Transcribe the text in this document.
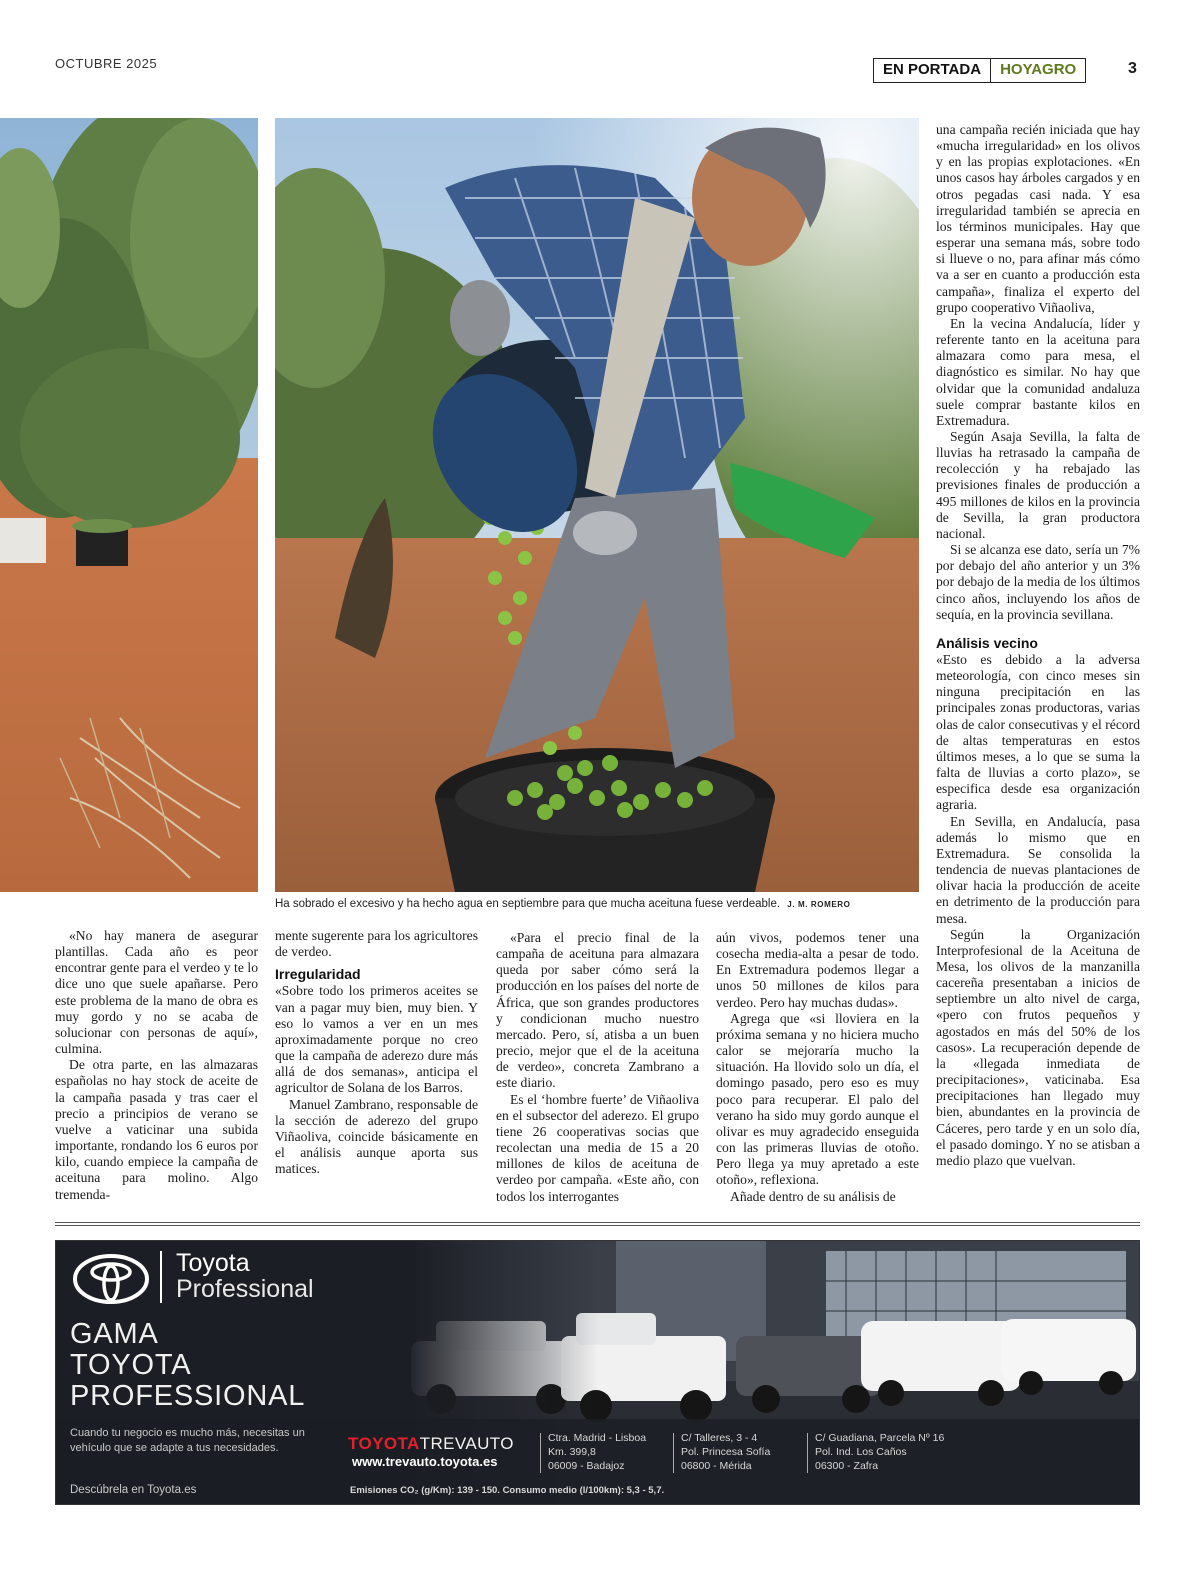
OCTUBRE 2025	EN PORTADA	HOYAGRO	3
Ha sobrado el excesivo y ha hecho agua en septiembre para que mucha aceituna fuese verdeable. J. M. ROMERO

«No hay manera de asegurar plantillas. Cada año es peor encontrar gente para el verdeo y te lo dice uno que suele apañarse. Pero este problema de la mano de obra es muy gordo y no se acaba de solucionar con personas de aquí», culmina.

De otra parte, en las almazaras españolas no hay stock de aceite de la campaña pasada y tras caer el precio a principios de verano se vuelve a vaticinar una subida importante, rondando los 6 euros por kilo, cuando empiece la campaña de aceituna para molino. Algo tremenda-

mente sugerente para los agricultores de verdeo.

Irregularidad

«Sobre todo los primeros aceites se van a pagar muy bien, muy bien. Y eso lo vamos a ver en un mes aproximadamente porque no creo que la campaña de aderezo dure más allá de dos semanas», anticipa el agricultor de Solana de los Barros.

Manuel Zambrano, responsable de la sección de aderezo del grupo Viñaoliva, coincide básicamente en el análisis aunque aporta sus matices.

«Para el precio final de la campaña de aceituna para almazara queda por saber cómo será la producción en los países del norte de África, que son grandes productores y condicionan mucho nuestro mercado. Pero, sí, atisba a un buen precio, mejor que el de la aceituna de verdeo», concreta Zambrano a este diario.

Es el ‘hombre fuerte’ de Viñaoliva en el subsector del aderezo. El grupo tiene 26 cooperativas socias que recolectan una media de 15 a 20 millones de kilos de aceituna de verdeo por campaña. «Este año, con todos los interrogantes

aún vivos, podemos tener una cosecha media-alta a pesar de todo. En Extremadura podemos llegar a unos 50 millones de kilos para verdeo. Pero hay muchas dudas».

Agrega que «si lloviera en la próxima semana y no hiciera mucho calor se mejoraría mucho la situación. Ha llovido solo un día, el domingo pasado, pero eso es muy poco para recuperar. El palo del verano ha sido muy gordo aunque el olivar es muy agradecido enseguida con las primeras lluvias de otoño. Pero llega ya muy apretado a este otoño», reflexiona.

Añade dentro de su análisis de

una campaña recién iniciada que hay «mucha irregularidad» en los olivos y en las propias explotaciones. «En unos casos hay árboles cargados y en otros pegadas casi nada. Y esa irregularidad también se aprecia en los términos municipales. Hay que esperar una semana más, sobre todo si llueve o no, para afinar más cómo va a ser en cuanto a producción esta campaña», finaliza el experto del grupo cooperativo Viñaoliva,

En la vecina Andalucía, líder y referente tanto en la aceituna para almazara como para mesa, el diagnóstico es similar. No hay que olvidar que la comunidad andaluza suele comprar bastante kilos en Extremadura.

Según Asaja Sevilla, la falta de lluvias ha retrasado la campaña de recolección y ha rebajado las previsiones finales de producción a 495 millones de kilos en la provincia de Sevilla, la gran productora nacional.

Si se alcanza ese dato, sería un 7% por debajo del año anterior y un 3% por debajo de la media de los últimos cinco años, incluyendo los años de sequía, en la provincia sevillana.

Análisis vecino

«Esto es debido a la adversa meteorología, con cinco meses sin ninguna precipitación en las principales zonas productoras, varias olas de calor consecutivas y el récord de altas temperaturas en estos últimos meses, a lo que se suma la falta de lluvias a corto plazo», se especifica desde esa organización agraria.

En Sevilla, en Andalucía, pasa además lo mismo que en Extremadura. Se consolida la tendencia de nuevas plantaciones de olivar hacia la producción de aceite en detrimento de la producción para mesa.

Según la Organización Interprofesional de la Aceituna de Mesa, los olivos de la manzanilla cacereña presentaban a inicios de septiembre un alto nivel de carga, «pero con frutos pequeños y agostados en más del 50% de los casos». La recuperación depende de la «llegada inmediata de precipitaciones», vaticinaba. Esa precipitaciones han llegado muy bien, abundantes en la provincia de Cáceres, pero tarde y en un solo día, el pasado domingo. Y no se atisban a medio plazo que vuelvan.

Toyota
Professional
GAMA
TOYOTA
PROFESSIONAL
Cuando tu negocio es mucho más, necesitas un vehículo que se adapte a tus necesidades.
Descúbrela en Toyota.es
TOYOTATREVAUTO
www.trevauto.toyota.es
Ctra. Madrid - Lisboa
Km. 399,8
06009 - Badajoz
C/ Talleres, 3 - 4
Pol. Princesa Sofía
06800 - Mérida
C/ Guadiana, Parcela Nº 16
Pol. Ind. Los Caños
06300 - Zafra
Emisiones CO₂ (g/Km): 139 - 150. Consumo medio (l/100km): 5,3 - 5,7.
